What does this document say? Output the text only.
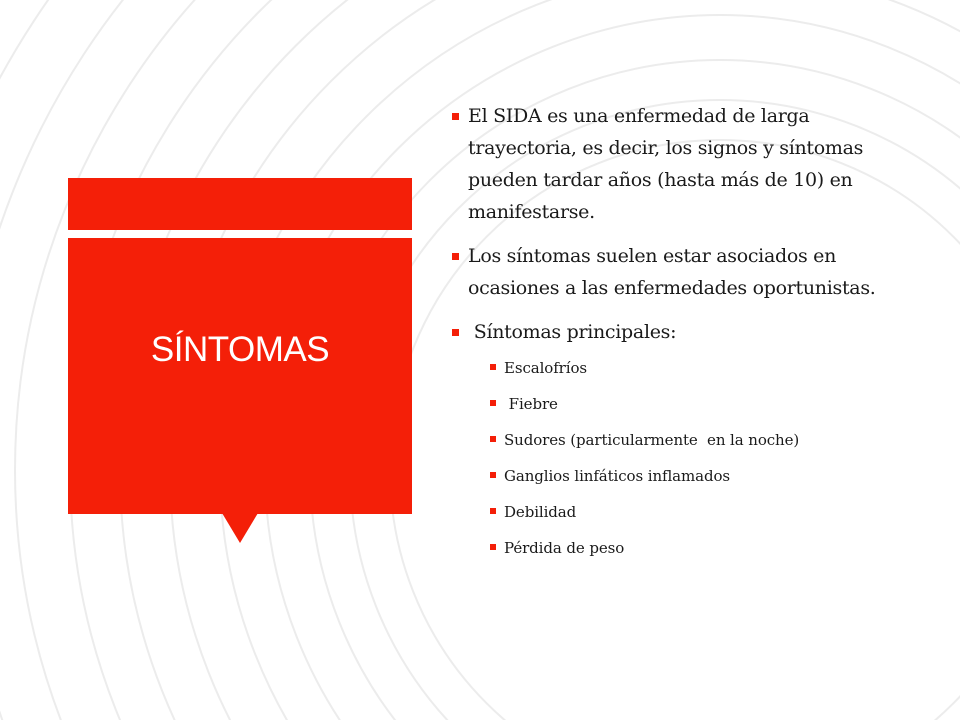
SÍNTOMAS
El SIDA es una enfermedad de larga trayectoria, es decir, los signos y síntomas pueden tardar años (hasta más de 10) en manifestarse.
Los síntomas suelen estar asociados en ocasiones a las enfermedades oportunistas.
Síntomas principales:
Escalofríos
Fiebre
Sudores (particularmente  en la noche)
Ganglios linfáticos inflamados
Debilidad
Pérdida de peso
